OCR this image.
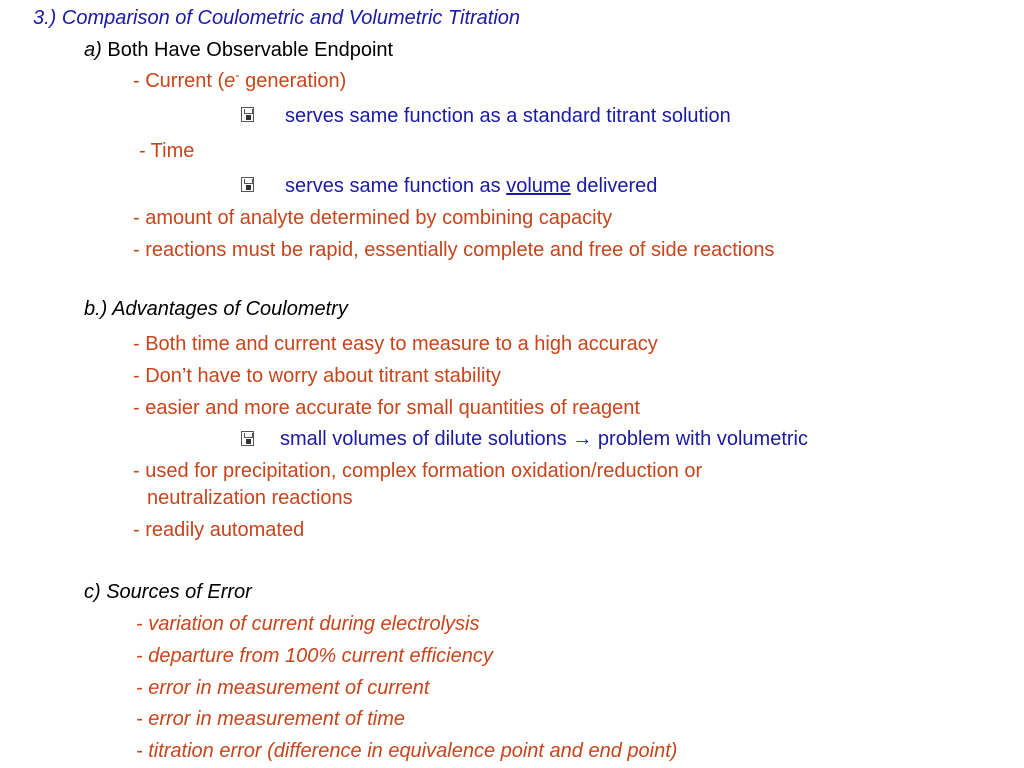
3.) Comparison of Coulometric and Volumetric Titration
a) Both Have Observable Endpoint
- Current (e- generation)
serves same function as a standard titrant solution
- Time
serves same function as volume delivered
- amount of analyte determined by combining capacity
- reactions must be rapid, essentially complete and free of side reactions
b.) Advantages of Coulometry
- Both time and current easy to measure to a high accuracy
- Don’t have to worry about titrant stability
- easier and more accurate for small quantities of reagent
small volumes of dilute solutions → problem with volumetric
- used for precipitation, complex formation oxidation/reduction or
neutralization reactions
- readily automated
c) Sources of Error
- variation of current during electrolysis
- departure from 100% current efficiency
- error in measurement of current
- error in measurement of time
- titration error (difference in equivalence point and end point)
